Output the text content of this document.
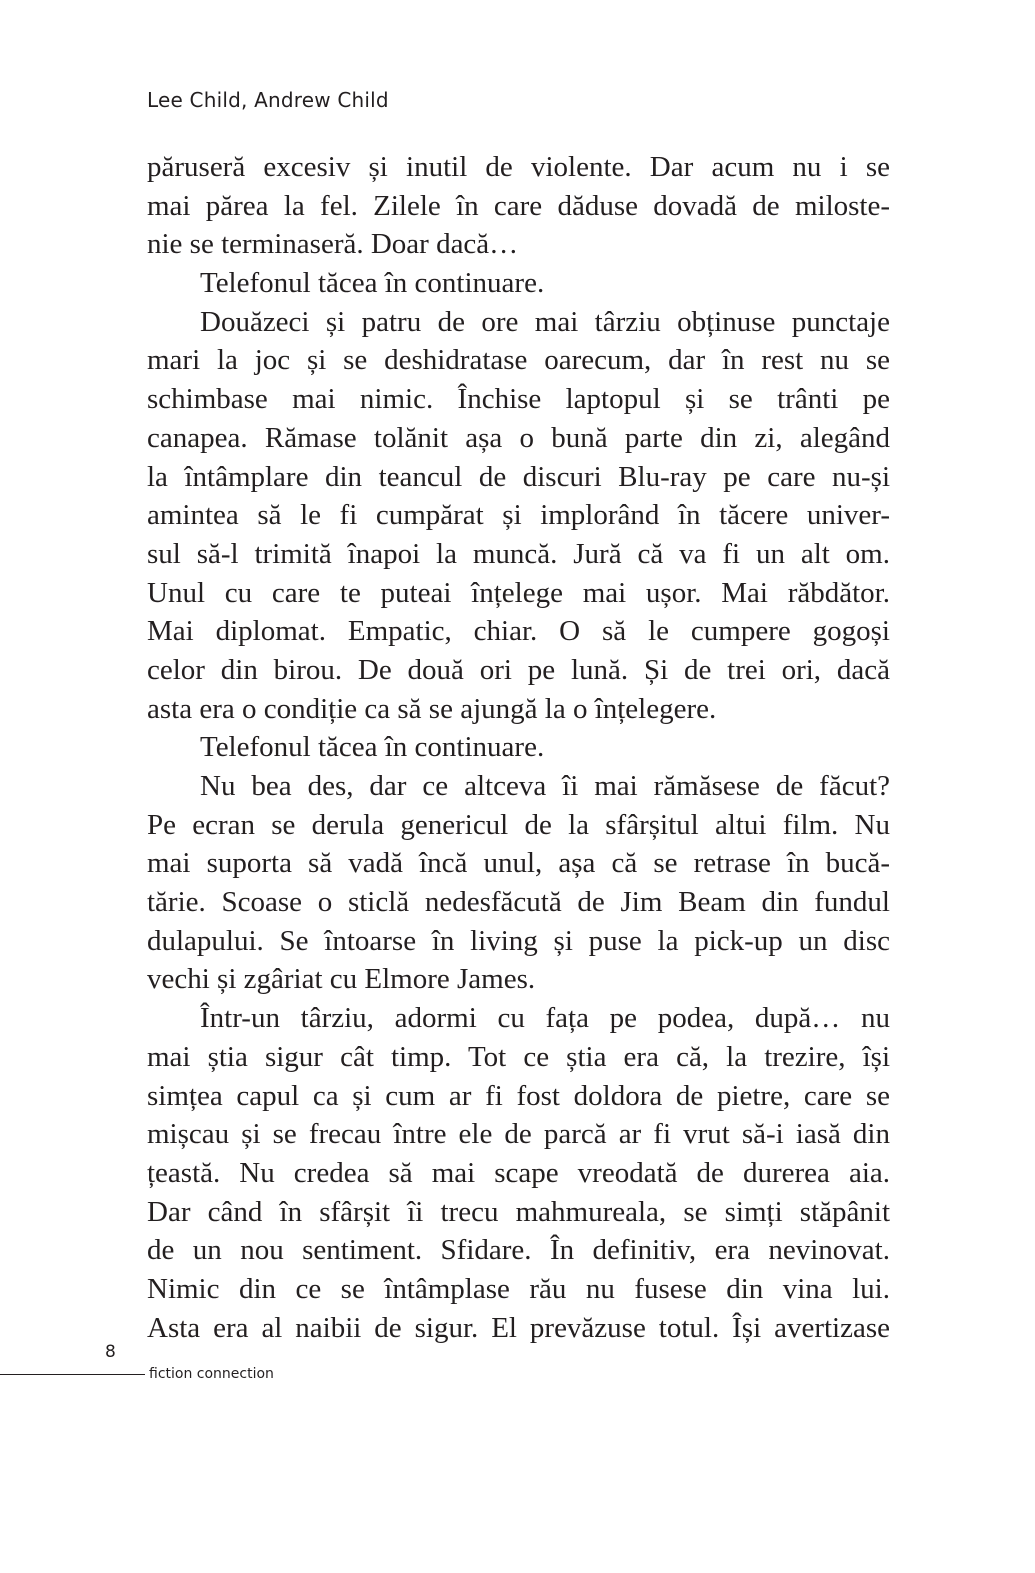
Lee Child, Andrew Child
păruseră excesiv și inutil de violente. Dar acum nu i se
mai părea la fel. Zilele în care dăduse dovadă de miloste-
nie se terminaseră. Doar dacă…
Telefonul tăcea în continuare.
Douăzeci și patru de ore mai târziu obținuse punctaje
mari la joc și se deshidratase oarecum, dar în rest nu se
schimbase mai nimic. Închise laptopul și se trânti pe
canapea. Rămase tolănit așa o bună parte din zi, alegând
la întâmplare din teancul de discuri Blu-ray pe care nu-și
amintea să le fi cumpărat și implorând în tăcere univer-
sul să-l trimită înapoi la muncă. Jură că va fi un alt om.
Unul cu care te puteai înțelege mai ușor. Mai răbdător.
Mai diplomat. Empatic, chiar. O să le cumpere gogoși
celor din birou. De două ori pe lună. Și de trei ori, dacă
asta era o condiție ca să se ajungă la o înțelegere.
Telefonul tăcea în continuare.
Nu bea des, dar ce altceva îi mai rămăsese de făcut?
Pe ecran se derula genericul de la sfârșitul altui film. Nu
mai suporta să vadă încă unul, așa că se retrase în bucă-
tărie. Scoase o sticlă nedesfăcută de Jim Beam din fundul
dulapului. Se întoarse în living și puse la pick-up un disc
vechi și zgâriat cu Elmore James.
Într-un târziu, adormi cu fața pe podea, după… nu
mai știa sigur cât timp. Tot ce știa era că, la trezire, își
simțea capul ca și cum ar fi fost doldora de pietre, care se
mișcau și se frecau între ele de parcă ar fi vrut să-i iasă din
țeastă. Nu credea să mai scape vreodată de durerea aia.
Dar când în sfârșit îi trecu mahmureala, se simți stăpânit
de un nou sentiment. Sfidare. În definitiv, era nevinovat.
Nimic din ce se întâmplase rău nu fusese din vina lui.
Asta era al naibii de sigur. El prevăzuse totul. Își avertizase
8
fiction connection
